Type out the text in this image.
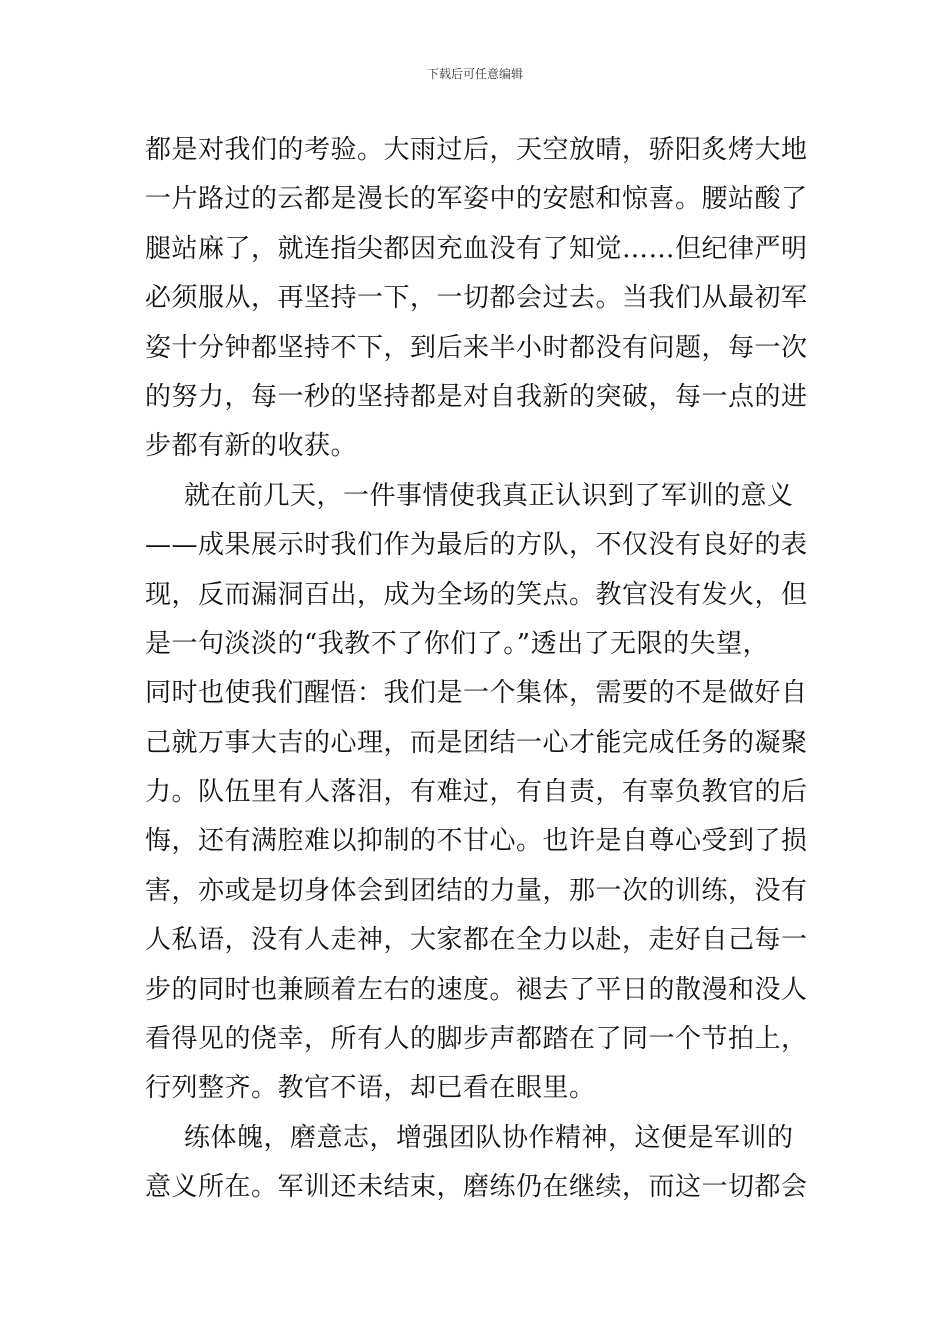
下载后可任意编辑
都是对我们的考验。大雨过后，天空放晴，骄阳炙烤大地
一片路过的云都是漫长的军姿中的安慰和惊喜。腰站酸了
腿站麻了，就连指尖都因充血没有了知觉……但纪律严明
必须服从，再坚持一下，一切都会过去。当我们从最初军
姿十分钟都坚持不下，到后来半小时都没有问题，每一次
的努力，每一秒的坚持都是对自我新的突破，每一点的进
步都有新的收获。
就在前几天，一件事情使我真正认识到了军训的意义
——成果展示时我们作为最后的方队，不仅没有良好的表
现，反而漏洞百出，成为全场的笑点。教官没有发火，但
是一句淡淡的“我教不了你们了。”透出了无限的失望，
同时也使我们醒悟：我们是一个集体，需要的不是做好自
己就万事大吉的心理，而是团结一心才能完成任务的凝聚
力。队伍里有人落泪，有难过，有自责，有辜负教官的后
悔，还有满腔难以抑制的不甘心。也许是自尊心受到了损
害，亦或是切身体会到团结的力量，那一次的训练，没有
人私语，没有人走神，大家都在全力以赴，走好自己每一
步的同时也兼顾着左右的速度。褪去了平日的散漫和没人
看得见的侥幸，所有人的脚步声都踏在了同一个节拍上，
行列整齐。教官不语，却已看在眼里。
练体魄，磨意志，增强团队协作精神，这便是军训的
意义所在。军训还未结束，磨练仍在继续，而这一切都会
